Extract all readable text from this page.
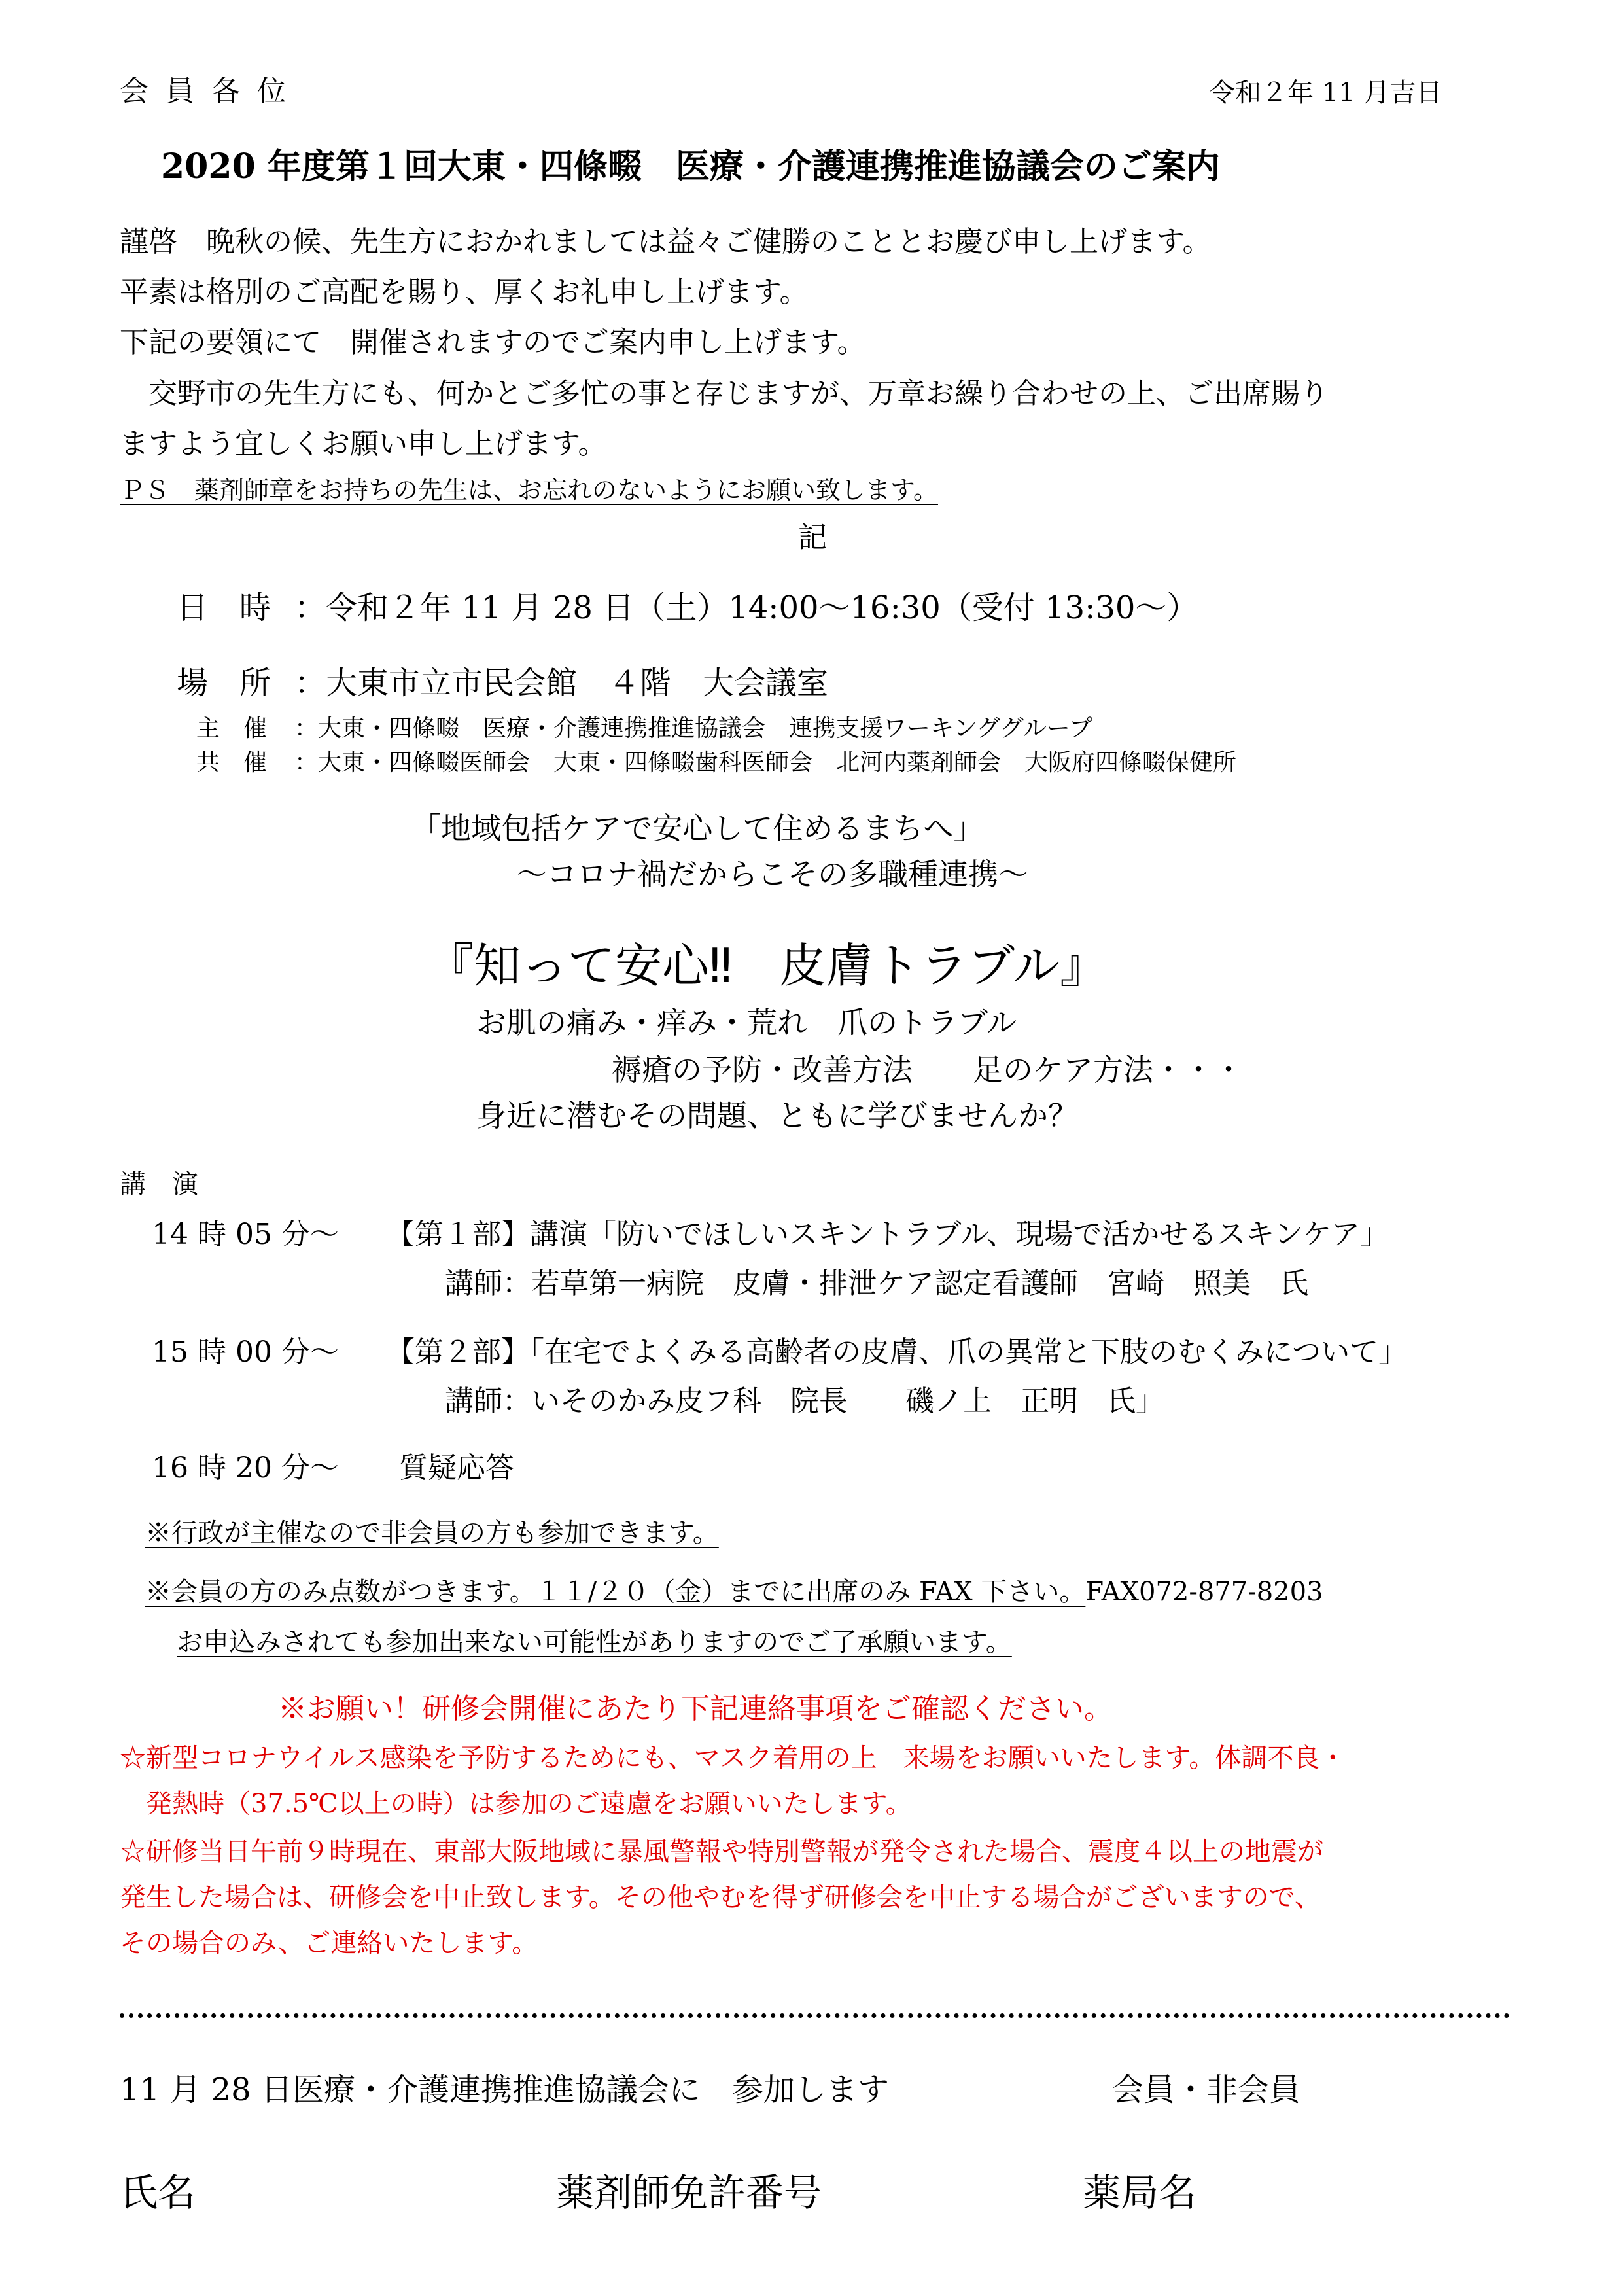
会 員 各 位	令和２年 11 月吉日
2020 年度第１回大東・四條畷　医療・介護連携推進協議会のご案内
謹啓　晩秋の候、先生方におかれましては益々ご健勝のこととお慶び申し上げます。
平素は格別のご高配を賜り、厚くお礼申し上げます。
下記の要領にて　開催されますのでご案内申し上げます。
　交野市の先生方にも、何かとご多忙の事と存じますが、万章お繰り合わせの上、ご出席賜り
ますよう宜しくお願い申し上げます。
ＰＳ　薬剤師章をお持ちの先生は、お忘れのないようにお願い致します。
記
日　時 ：令和２年 11 月 28 日（土）14:00～16:30（受付 13:30～）
場　所 ：大東市立市民会館　４階　大会議室
主　催 ：大東・四條畷　医療・介護連携推進協議会　連携支援ワーキンググループ
共　催 ：大東・四條畷医師会　大東・四條畷歯科医師会　北河内薬剤師会　大阪府四條畷保健所
「地域包括ケアで安心して住めるまちへ」
～コロナ禍だからこその多職種連携～
『知って安心‼　皮膚トラブル』
お肌の痛み・痒み・荒れ　爪のトラブル
褥瘡の予防・改善方法　　足のケア方法・・・
身近に潜むその問題、ともに学びませんか？
講　演
14 時 05 分～ 【第１部】講演「防いでほしいスキントラブル、現場で活かせるスキンケア」
講師：若草第一病院　皮膚・排泄ケア認定看護師　宮崎　照美　氏
15 時 00 分～ 【第２部】「在宅でよくみる高齢者の皮膚、爪の異常と下肢のむくみについて」
講師：いそのかみ皮フ科　院長　　磯ノ上　正明　氏」
16 時 20 分～ 質疑応答
※行政が主催なので非会員の方も参加できます。
※会員の方のみ点数がつきます。１１/２０（金）までに出席のみ FAX 下さい。FAX072-877-8203
お申込みされても参加出来ない可能性がありますのでご了承願います。
※お願い！研修会開催にあたり下記連絡事項をご確認ください。
☆新型コロナウイルス感染を予防するためにも、マスク着用の上　来場をお願いいたします。体調不良・
　発熱時（37.5℃以上の時）は参加のご遠慮をお願いいたします。
☆研修当日午前９時現在、東部大阪地域に暴風警報や特別警報が発令された場合、震度４以上の地震が
発生した場合は、研修会を中止致します。その他やむを得ず研修会を中止する場合がございますので、
その場合のみ、ご連絡いたします。
11 月 28 日医療・介護連携推進協議会に　参加します	会員・非会員
氏名	薬剤師免許番号	薬局名
